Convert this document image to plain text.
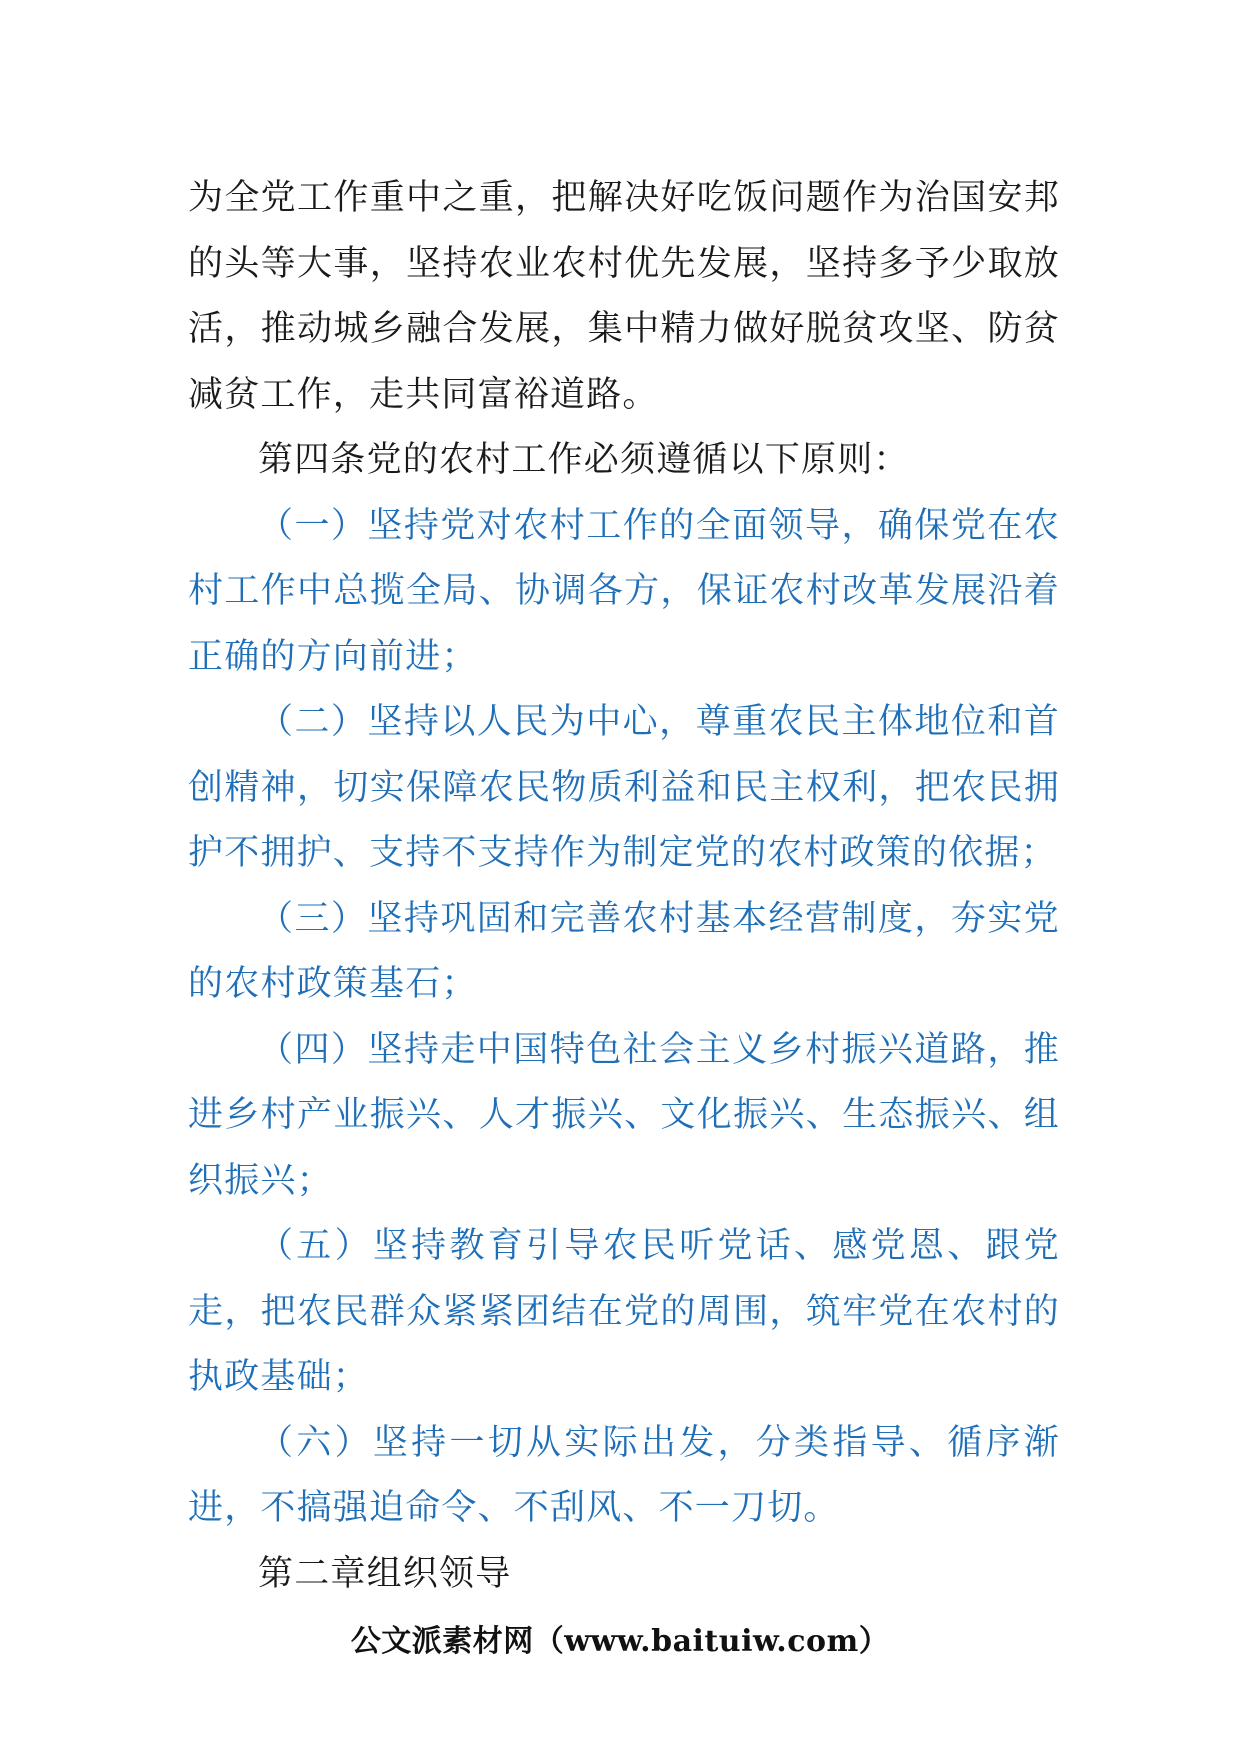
为全党工作重中之重，把解决好吃饭问题作为治国安邦的头等大事，坚持农业农村优先发展，坚持多予少取放活，推动城乡融合发展，集中精力做好脱贫攻坚、防贫减贫工作，走共同富裕道路。

第四条党的农村工作必须遵循以下原则：

（一）坚持党对农村工作的全面领导，确保党在农村工作中总揽全局、协调各方，保证农村改革发展沿着正确的方向前进；

（二）坚持以人民为中心，尊重农民主体地位和首创精神，切实保障农民物质利益和民主权利，把农民拥护不拥护、支持不支持作为制定党的农村政策的依据；

（三）坚持巩固和完善农村基本经营制度，夯实党的农村政策基石；

（四）坚持走中国特色社会主义乡村振兴道路，推进乡村产业振兴、人才振兴、文化振兴、生态振兴、组织振兴；

（五）坚持教育引导农民听党话、感党恩、跟党走，把农民群众紧紧团结在党的周围，筑牢党在农村的执政基础；

（六）坚持一切从实际出发，分类指导、循序渐进，不搞强迫命令、不刮风、不一刀切。

第二章组织领导

公文派素材网（www.baituiw.com）
